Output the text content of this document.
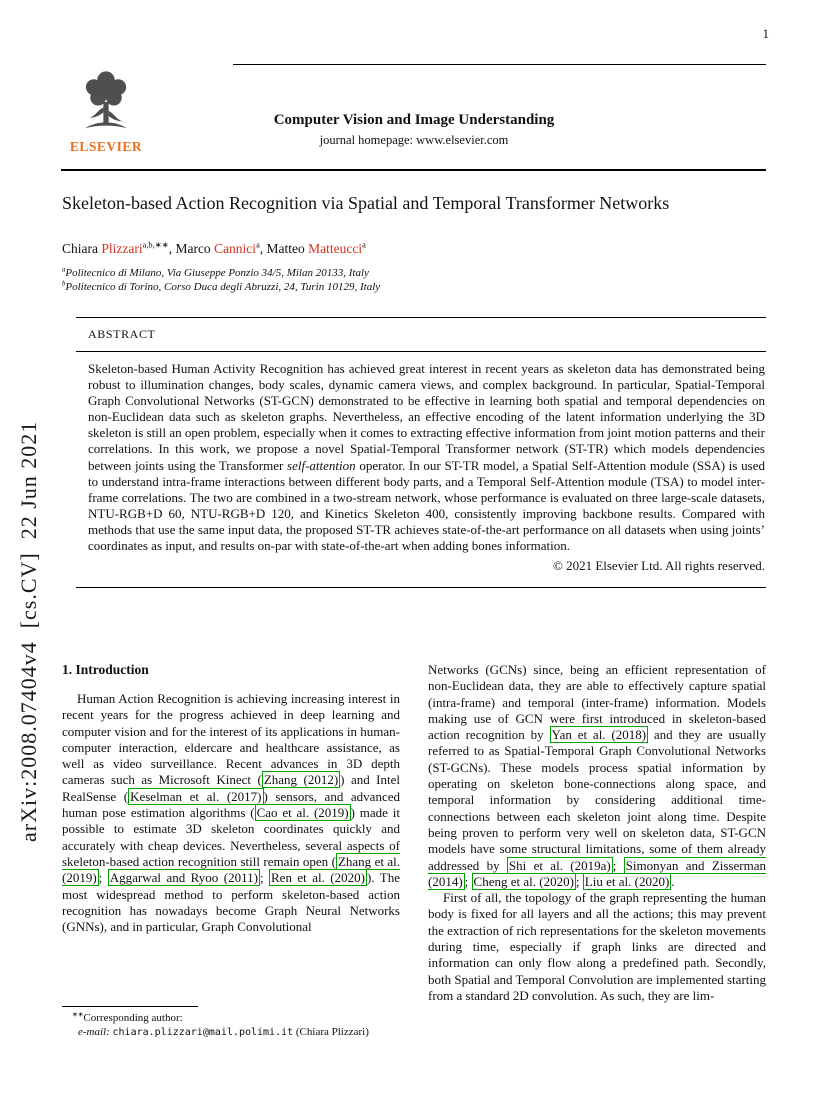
1
arXiv:2008.07404v4  [cs.CV]  22 Jun 2021
ELSEVIER
Computer Vision and Image Understanding
journal homepage: www.elsevier.com
Skeleton-based Action Recognition via Spatial and Temporal Transformer Networks
Chiara Plizzari$^{a,b,∗∗}$, Marco Cannici$^a$, Matteo Matteucci$^a$
$^a$Politecnico di Milano, Via Giuseppe Ponzio 34/5, Milan 20133, Italy
$^b$Politecnico di Torino, Corso Duca degli Abruzzi, 24, Turin 10129, Italy
ABSTRACT

Skeleton-based Human Activity Recognition has achieved great interest in recent years as skeleton data has demonstrated being robust to illumination changes, body scales, dynamic camera views, and complex background. In particular, Spatial-Temporal Graph Convolutional Networks (ST-GCN) demonstrated to be effective in learning both spatial and temporal dependencies on non-Euclidean data such as skeleton graphs. Nevertheless, an effective encoding of the latent information underlying the 3D skeleton is still an open problem, especially when it comes to extracting effective information from joint motion patterns and their correlations. In this work, we propose a novel Spatial-Temporal Transformer network (ST-TR) which models dependencies between joints using the Transformer self-attention operator. In our ST-TR model, a Spatial Self-Attention module (SSA) is used to understand intra-frame interactions between different body parts, and a Temporal Self-Attention module (TSA) to model inter-frame correlations. The two are combined in a two-stream network, whose performance is evaluated on three large-scale datasets, NTU-RGB+D 60, NTU-RGB+D 120, and Kinetics Skeleton 400, consistently improving backbone results. Compared with methods that use the same input data, the proposed ST-TR achieves state-of-the-art performance on all datasets when using joints’ coordinates as input, and results on-par with state-of-the-art when adding bones information.

© 2021 Elsevier Ltd. All rights reserved.
1. Introduction

Human Action Recognition is achieving increasing interest in recent years for the progress achieved in deep learning and computer vision and for the interest of its applications in human-computer interaction, eldercare and healthcare assistance, as well as video surveillance. Recent advances in 3D depth cameras such as Microsoft Kinect ( Zhang (2012) ) and Intel RealSense ( Keselman et al. (2017) ) sensors, and advanced human pose estimation algorithms ( Cao et al. (2019) ) made it possible to estimate 3D skeleton coordinates quickly and accurately with cheap devices. Nevertheless, several aspects of skeleton-based action recognition still remain open ( Zhang et al. (2019) ; Aggarwal and Ryoo (2011) ; Ren et al. (2020) ). The most widespread method to perform skeleton-based action recognition has nowadays become Graph Neural Networks (GNNs), and in particular, Graph Convolutional

Networks (GCNs) since, being an efficient representation of non-Euclidean data, they are able to effectively capture spatial (intra-frame) and temporal (inter-frame) information. Models making use of GCN were first introduced in skeleton-based action recognition by Yan et al. (2018) and they are usually referred to as Spatial-Temporal Graph Convolutional Networks (ST-GCNs). These models process spatial information by operating on skeleton bone-connections along space, and temporal information by considering additional time-connections between each skeleton joint along time. Despite being proven to perform very well on skeleton data, ST-GCN models have some structural limitations, some of them already addressed by Shi et al. (2019a) ; Simonyan and Zisserman (2014) ; Cheng et al. (2020) ; Liu et al. (2020) .

First of all, the topology of the graph representing the human body is fixed for all layers and all the actions; this may prevent the extraction of rich representations for the skeleton movements during time, especially if graph links are directed and information can only flow along a predefined path. Secondly, both Spatial and Temporal Convolution are implemented starting from a standard 2D convolution. As such, they are lim-

∗∗Corresponding author:
e-mail: chiara.plizzari@mail.polimi.it (Chiara Plizzari)
